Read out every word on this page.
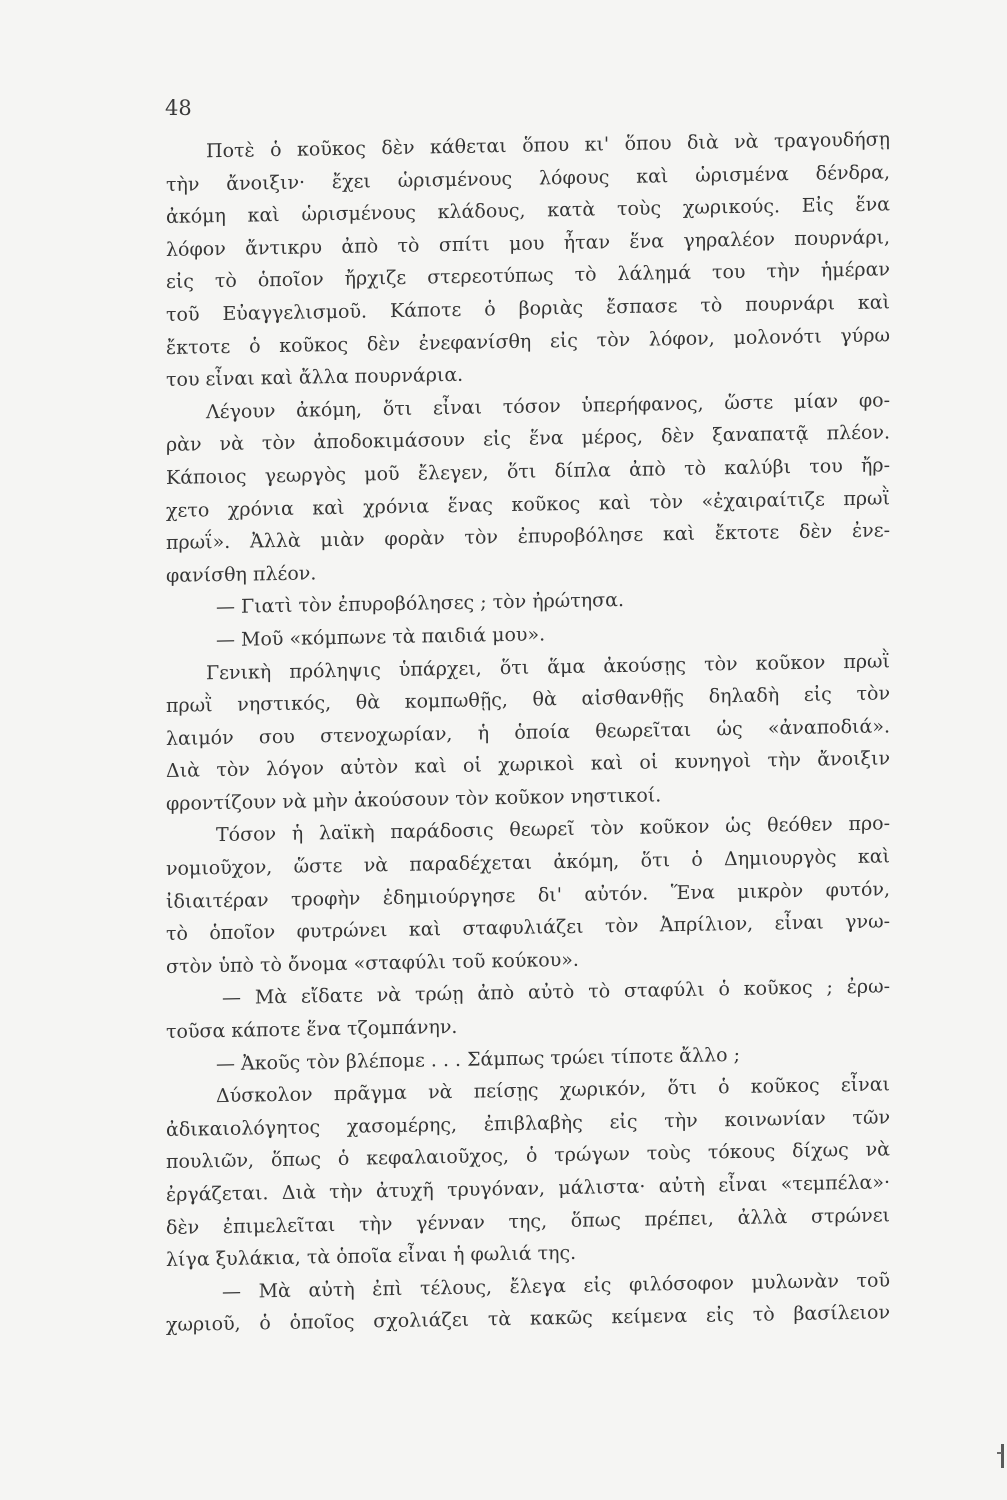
48
Ποτὲ ὁ κοῦκος δὲν κάθεται ὅπου κι' ὅπου διὰ νὰ τραγουδήσῃ
τὴν ἄνοιξιν· ἔχει ὡρισμένους λόφους καὶ ὡρισμένα δένδρα,
ἀκόμη καὶ ὡρισμένους κλάδους, κατὰ τοὺς χωρικούς. Εἰς ἕνα
λόφον ἄντικρυ ἀπὸ τὸ σπίτι μου ἦταν ἕνα γηραλέον πουρνάρι,
εἰς τὸ ὁποῖον ἤρχιζε στερεοτύπως τὸ λάλημά του τὴν ἡμέραν
τοῦ Εὐαγγελισμοῦ. Κάποτε ὁ βοριὰς ἔσπασε τὸ πουρνάρι καὶ
ἔκτοτε ὁ κοῦκος δὲν ἐνεφανίσθη εἰς τὸν λόφον, μολονότι γύρω
του εἶναι καὶ ἄλλα πουρνάρια.
Λέγουν ἀκόμη, ὅτι εἶναι τόσον ὑπερήφανος, ὥστε μίαν φο-
ρὰν νὰ τὸν ἀποδοκιμάσουν εἰς ἕνα μέρος, δὲν ξαναπατᾷ πλέον.
Κάποιος γεωργὸς μοῦ ἔλεγεν, ὅτι δίπλα ἀπὸ τὸ καλύβι του ἤρ-
χετο χρόνια καὶ χρόνια ἕνας κοῦκος καὶ τὸν «ἐχαιραίτιζε πρωῒ
πρωΐ». Ἀλλὰ μιὰν φορὰν τὸν ἐπυροβόλησε καὶ ἔκτοτε δὲν ἐνε-
φανίσθη πλέον.
— Γιατὶ τὸν ἐπυροβόλησες ; τὸν ἠρώτησα.
— Μοῦ «κόμπωνε τὰ παιδιά μου».
Γενικὴ πρόληψις ὑπάρχει, ὅτι ἅμα ἀκούσῃς τὸν κοῦκον πρωῒ
πρωῒ νηστικός, θὰ κομπωθῇς, θὰ αἰσθανθῇς δηλαδὴ εἰς τὸν
λαιμόν σου στενοχωρίαν, ἡ ὁποία θεωρεῖται ὡς «ἀναποδιά».
Διὰ τὸν λόγον αὐτὸν καὶ οἱ χωρικοὶ καὶ οἱ κυνηγοὶ τὴν ἄνοιξιν
φροντίζουν νὰ μὴν ἀκούσουν τὸν κοῦκον νηστικοί.
Τόσον ἡ λαϊκὴ παράδοσις θεωρεῖ τὸν κοῦκον ὡς θεόθεν προ-
νομιοῦχον, ὥστε νὰ παραδέχεται ἀκόμη, ὅτι ὁ Δημιουργὸς καὶ
ἰδιαιτέραν τροφὴν ἐδημιούργησε δι' αὐτόν. Ἕνα μικρὸν φυτόν,
τὸ ὁποῖον φυτρώνει καὶ σταφυλιάζει τὸν Ἀπρίλιον, εἶναι γνω-
στὸν ὑπὸ τὸ ὄνομα «σταφύλι τοῦ κούκου».
— Μὰ εἴδατε νὰ τρώῃ ἀπὸ αὐτὸ τὸ σταφύλι ὁ κοῦκος ; ἐρω-
τοῦσα κάποτε ἕνα τζομπάνην.
— Ἀκοῦς τὸν βλέπομε . . . Σάμπως τρώει τίποτε ἄλλο ;
Δύσκολον πρᾶγμα νὰ πείσῃς χωρικόν, ὅτι ὁ κοῦκος εἶναι
ἀδικαιολόγητος χασομέρης, ἐπιβλαβὴς εἰς τὴν κοινωνίαν τῶν
πουλιῶν, ὅπως ὁ κεφαλαιοῦχος, ὁ τρώγων τοὺς τόκους δίχως νὰ
ἐργάζεται. Διὰ τὴν ἀτυχῆ τρυγόναν, μάλιστα· αὐτὴ εἶναι «τεμπέλα»·
δὲν ἐπιμελεῖται τὴν γένναν της, ὅπως πρέπει, ἀλλὰ στρώνει
λίγα ξυλάκια, τὰ ὁποῖα εἶναι ἡ φωλιά της.
— Μὰ αὐτὴ ἐπὶ τέλους, ἔλεγα εἰς φιλόσοφον μυλωνὰν τοῦ
χωριοῦ, ὁ ὁποῖος σχολιάζει τὰ κακῶς κείμενα εἰς τὸ βασίλειον
